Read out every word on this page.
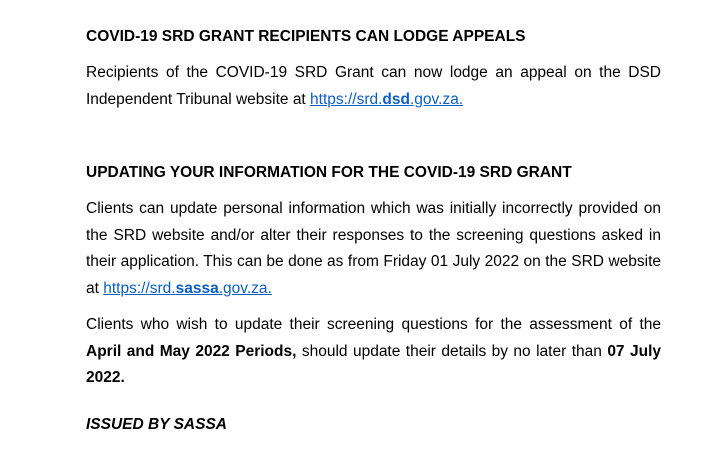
COVID-19 SRD GRANT RECIPIENTS CAN LODGE APPEALS

Recipients of the COVID-19 SRD Grant can now lodge an appeal on the DSD Independent Tribunal website at https://srd.dsd.gov.za.

UPDATING YOUR INFORMATION FOR THE COVID-19 SRD GRANT

Clients can update personal information which was initially incorrectly provided on the SRD website and/or alter their responses to the screening questions asked in their application. This can be done as from Friday 01 July 2022 on the SRD website at https://srd.sassa.gov.za.

Clients who wish to update their screening questions for the assessment of the April and May 2022 Periods, should update their details by no later than 07 July 2022.

ISSUED BY SASSA
